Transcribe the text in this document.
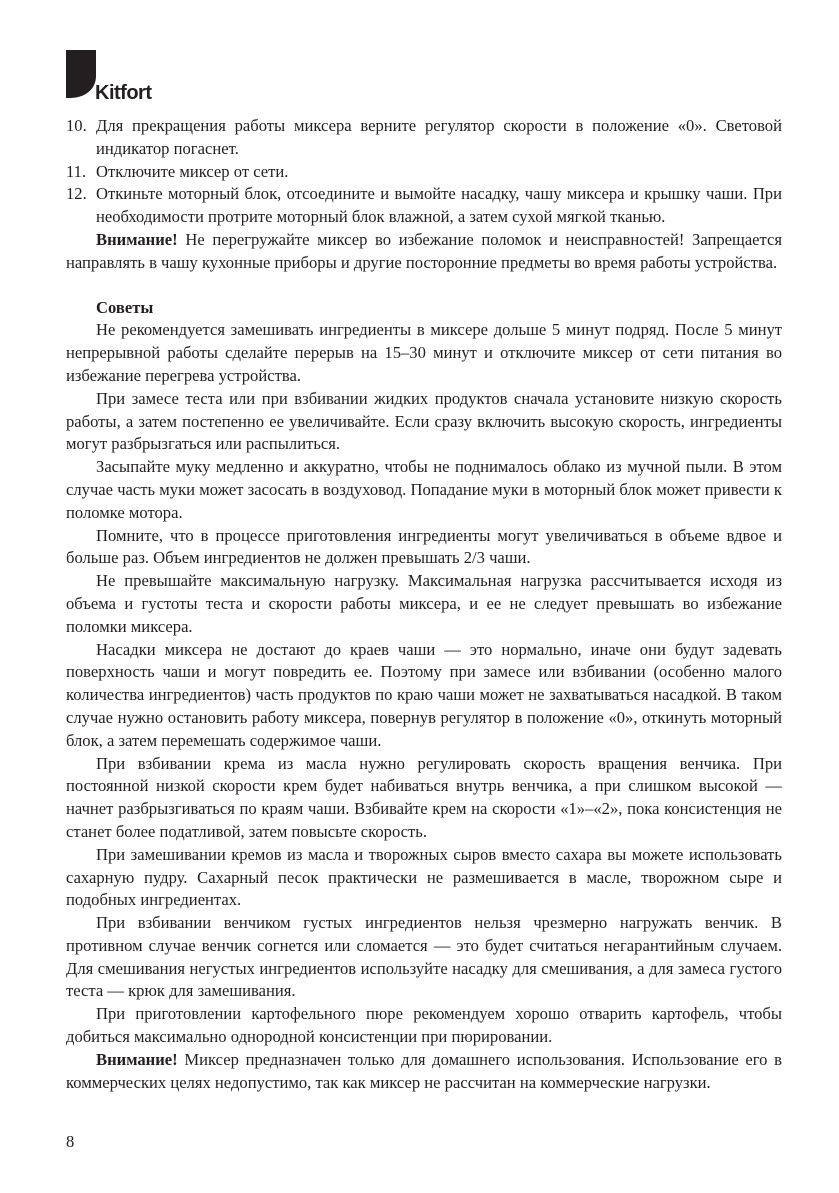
Kitfort
10. Для прекращения работы миксера верните регулятор скорости в положение «0». Световой индикатор погаснет.
11. Отключите миксер от сети.
12. Откиньте моторный блок, отсоедините и вымойте насадку, чашу миксера и крышку чаши. При необходимости протрите моторный блок влажной, а затем сухой мягкой тканью.

Внимание! Не перегружайте миксер во избежание поломок и неисправностей! Запрещается направлять в чашу кухонные приборы и другие посторонние предметы во время работы устройства.

Советы

Не рекомендуется замешивать ингредиенты в миксере дольше 5 минут подряд. После 5 минут непрерывной работы сделайте перерыв на 15–30 минут и отключите миксер от сети питания во избежание перегрева устройства.

При замесе теста или при взбивании жидких продуктов сначала установите низкую скорость работы, а затем постепенно ее увеличивайте. Если сразу включить высокую скорость, ингредиенты могут разбрызгаться или распылиться.

Засыпайте муку медленно и аккуратно, чтобы не поднималось облако из мучной пыли. В этом случае часть муки может засосать в воздуховод. Попадание муки в моторный блок может привести к поломке мотора.

Помните, что в процессе приготовления ингредиенты могут увеличиваться в объеме вдвое и больше раз. Объем ингредиентов не должен превышать 2/3 чаши.

Не превышайте максимальную нагрузку. Максимальная нагрузка рассчитывается исходя из объема и густоты теста и скорости работы миксера, и ее не следует превышать во избежание поломки миксера.

Насадки миксера не достают до краев чаши — это нормально, иначе они будут задевать поверхность чаши и могут повредить ее. Поэтому при замесе или взбивании (особенно малого количества ингредиентов) часть продуктов по краю чаши может не захватываться насадкой. В таком случае нужно остановить работу миксера, повернув регулятор в положение «0», откинуть моторный блок, а затем перемешать содержимое чаши.

При взбивании крема из масла нужно регулировать скорость вращения венчика. При постоянной низкой скорости крем будет набиваться внутрь венчика, а при слишком высокой — начнет разбрызгиваться по краям чаши. Взбивайте крем на скорости «1»–«2», пока консистенция не станет более податливой, затем повысьте скорость.

При замешивании кремов из масла и творожных сыров вместо сахара вы можете использовать сахарную пудру. Сахарный песок практически не размешивается в масле, творожном сыре и подобных ингредиентах.

При взбивании венчиком густых ингредиентов нельзя чрезмерно нагружать венчик. В противном случае венчик согнется или сломается — это будет считаться негарантийным случаем. Для смешивания негустых ингредиентов используйте насадку для смешивания, а для замеса густого теста — крюк для замешивания.

При приготовлении картофельного пюре рекомендуем хорошо отварить картофель, чтобы добиться максимально однородной консистенции при пюрировании.

Внимание! Миксер предназначен только для домашнего использования. Использование его в коммерческих целях недопустимо, так как миксер не рассчитан на коммерческие нагрузки.

8
